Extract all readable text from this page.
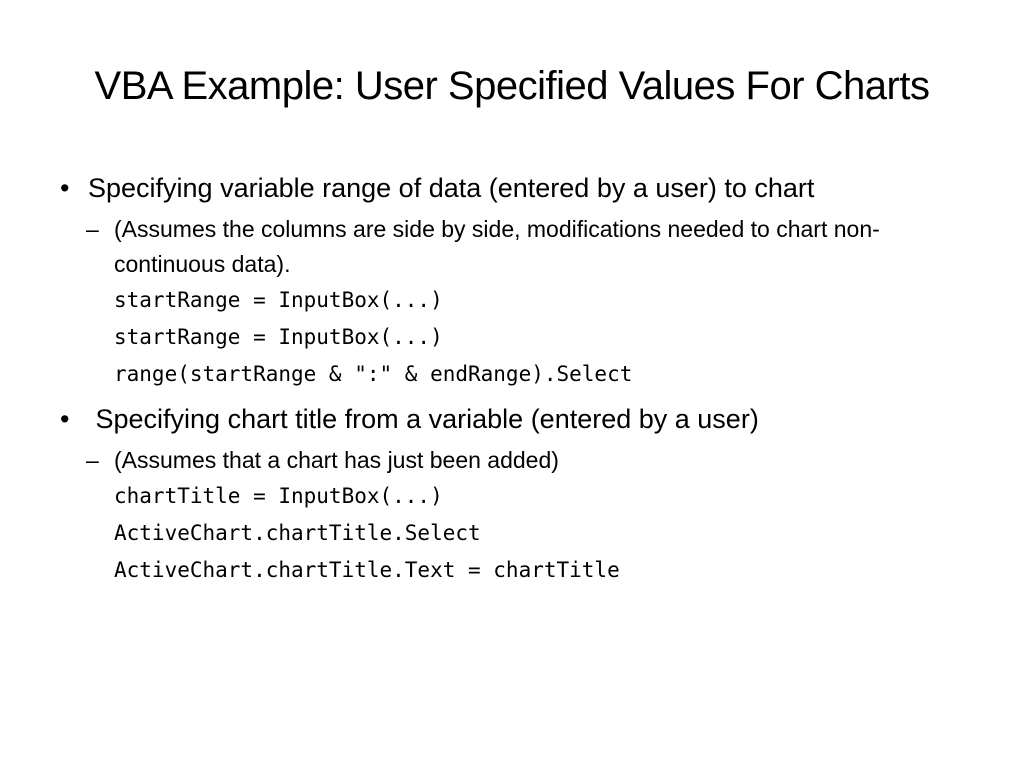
VBA Example: User Specified Values For Charts
• Specifying variable range of data (entered by a user) to chart
– (Assumes the columns are side by side, modifications needed to chart non-continuous data).
startRange = InputBox(...)
startRange = InputBox(...)
range(startRange & ":" & endRange).Select
• Specifying chart title from a variable (entered by a user)
– (Assumes that a chart has just been added)
chartTitle = InputBox(...)
ActiveChart.chartTitle.Select
ActiveChart.chartTitle.Text = chartTitle
